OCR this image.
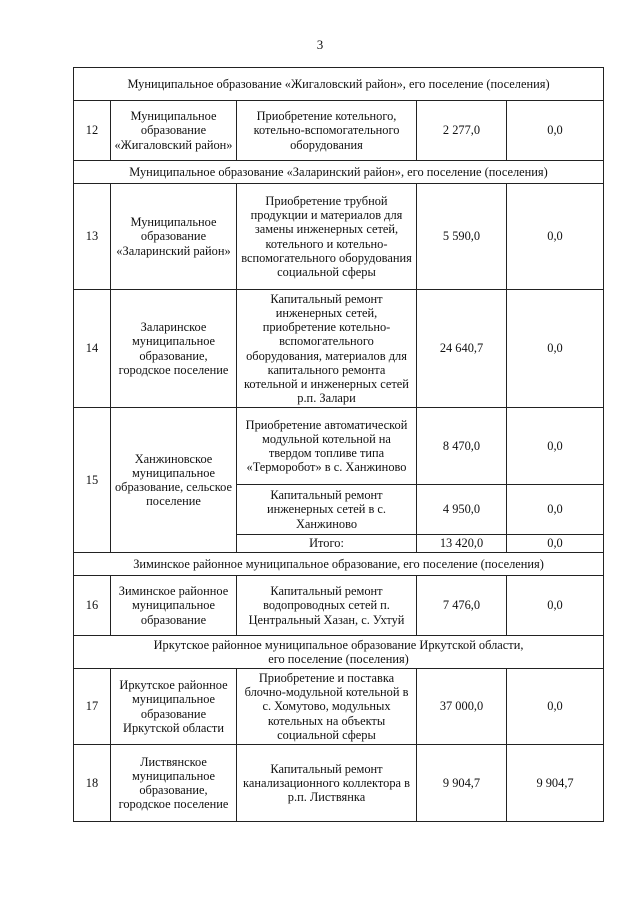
3
Муниципальное образование «Жигаловский район», его поселение (поселения)				
12	Муниципальное образование «Жигаловский район»	Приобретение котельного, котельно-вспомогательного оборудования	2 277,0	0,0
Муниципальное образование «Заларинский район», его поселение (поселения)				
13	Муниципальное образование «Заларинский район»	Приобретение трубной продукции и материалов для замены инженерных сетей, котельного и котельно-вспомогательного оборудования социальной сферы	5 590,0	0,0
14	Заларинское муниципальное образование, городское поселение	Капитальный ремонт инженерных сетей, приобретение котельно-вспомогательного оборудования, материалов для капитального ремонта котельной и инженерных сетей р.п. Залари	24 640,7	0,0
15	Ханжиновское муниципальное образование, сельское поселение	Приобретение автоматической модульной котельной на твердом топливе типа «Терморобот» в с. Ханжиново	8 470,0	0,0
		Капитальный ремонт инженерных сетей в с. Ханжиново	4 950,0	0,0
		Итого:	13 420,0	0,0
Зиминское районное муниципальное образование, его поселение (поселения)				
16	Зиминское районное муниципальное образование	Капитальный ремонт водопроводных сетей п. Центральный Хазан, с. Ухтуй	7 476,0	0,0

Иркутское районное муниципальное образование Иркутской области,
его поселение (поселения)				

17	Иркутское районное муниципальное образование Иркутской области	Приобретение и поставка блочно-модульной котельной в с. Хомутово, модульных котельных на объекты социальной сферы	37 000,0	0,0
18	Листвянское муниципальное образование, городское поселение	Капитальный ремонт канализационного коллектора в р.п. Листвянка	9 904,7	9 904,7
